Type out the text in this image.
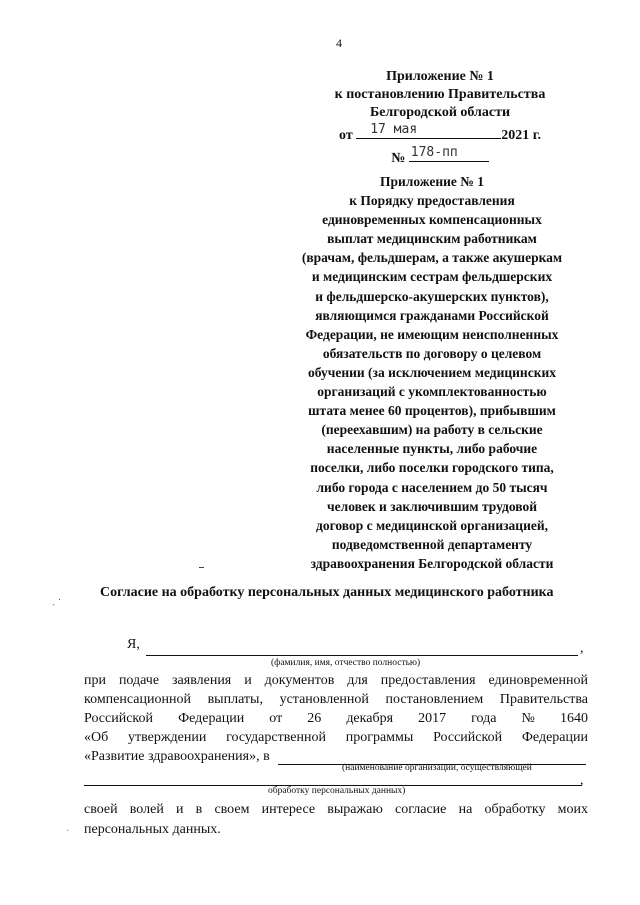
4
Приложение № 1
к постановлению Правительства
Белгородской области
от 17 мая	2021 г.
№ 178-пп
Приложение № 1
к Порядку предоставления
единовременных компенсационных
выплат медицинским работникам
(врачам, фельдшерам, а также акушеркам
и медицинским сестрам фельдшерских
и фельдшерско-акушерских пунктов),
являющимся гражданами Российской
Федерации, не имеющим неисполненных
обязательств по договору о целевом
обучении (за исключением медицинских
организаций с укомплектованностью
штата менее 60 процентов), прибывшим
(переехавшим) на работу в сельские
населенные пункты, либо рабочие
поселки, либо поселки городского типа,
либо города с населением до 50 тысяч
человек и заключившим трудовой
договор с медицинской организацией,
подведомственной департаменту
здравоохранения Белгородской области
ˏ ·
·
Согласие на обработку персональных данных медицинского работника
Я,	,
(фамилия, имя, отчество полностью)
при подаче заявления и документов для предоставления единовременной
компенсационной выплаты, установленной постановлением Правительства
Российской Федерации от 26 декабря 2017 года № 1640
«Об утверждении государственной программы Российской Федерации
«Развитие здравоохранения», в
(наименование организации, осуществляющей
,
обработку персональных данных)
своей волей и в своем интересе выражаю согласие на обработку моих
персональных данных.
